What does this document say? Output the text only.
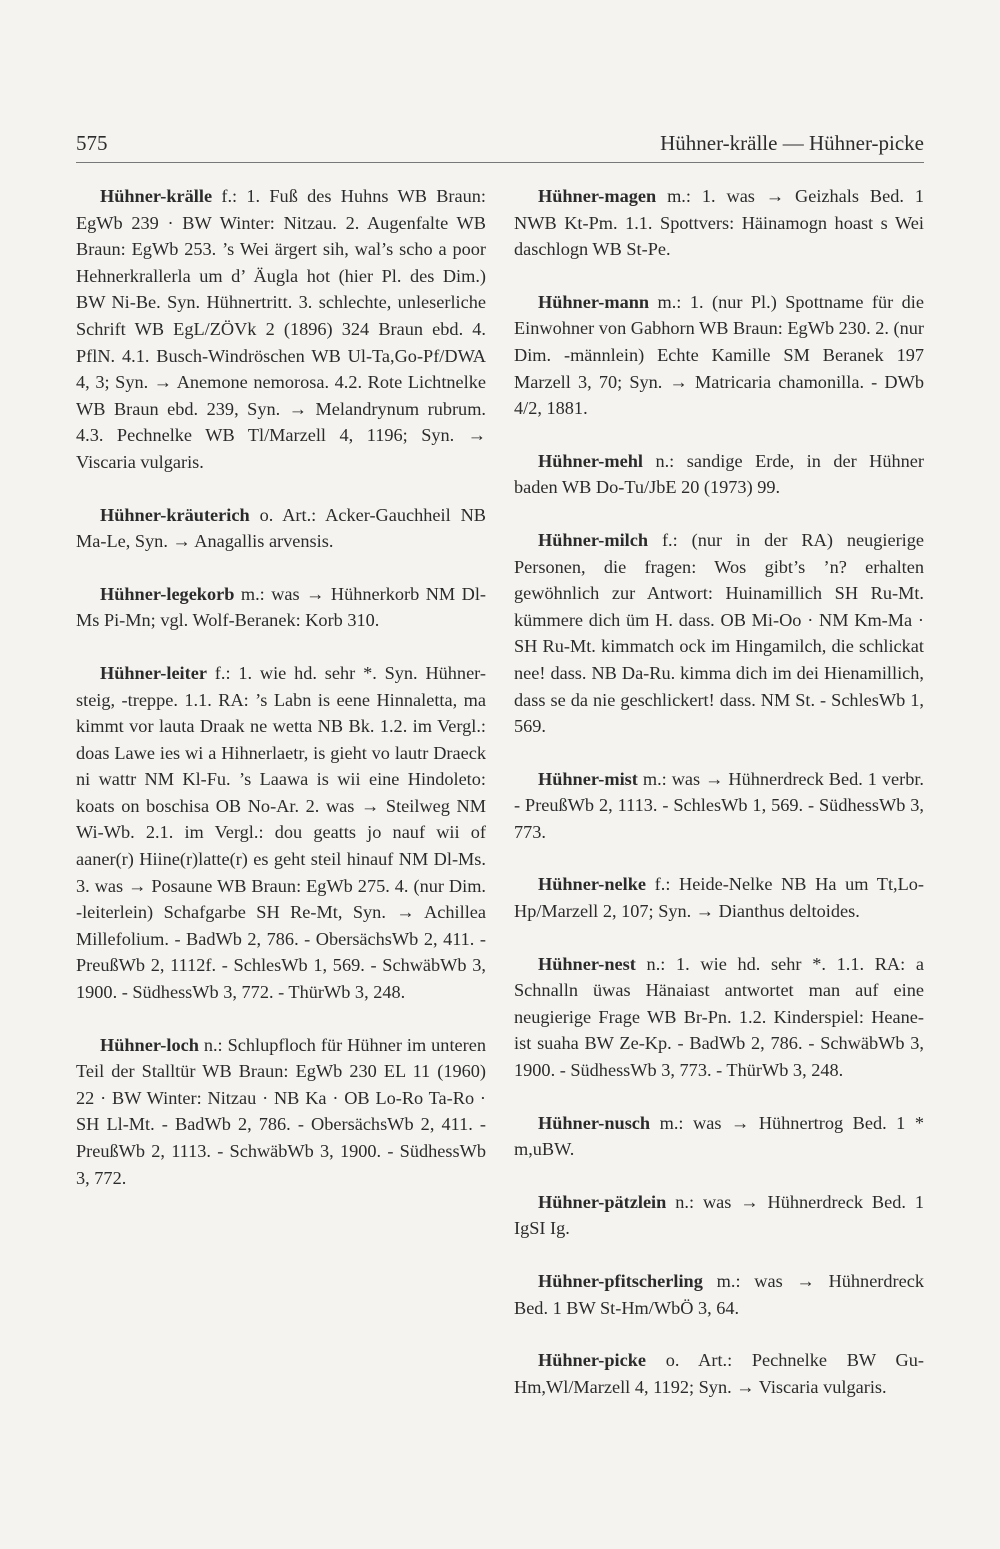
575	Hühner-krälle — Hühner-picke

Hühner-krälle f.: 1. Fuß des Huhns WB Braun: EgWb 239 · BW Winter: Nitzau. 2. Augenfalte WB Braun: EgWb 253. ’s Wei ärgert sih, wal’s scho a poor Hehnerkrallerla um d’ Äugla hot (hier Pl. des Dim.) BW Ni-Be. Syn. Hühnertritt. 3. schlechte, unleserliche Schrift WB EgL/ZÖVk 2 (1896) 324 Braun ebd. 4. PflN. 4.1. Busch-Windröschen WB Ul-Ta,Go-Pf/DWA 4, 3; Syn. → Anemone nemorosa. 4.2. Rote Lichtnelke WB Braun ebd. 239, Syn. → Melandrynum rubrum. 4.3. Pechnelke WB Tl/Marzell 4, 1196; Syn. → Viscaria vulgaris.

Hühner-kräuterich o. Art.: Acker-Gauchheil NB Ma-Le, Syn. → Anagallis arvensis.

Hühner-legekorb m.: was → Hühnerkorb NM Dl-Ms Pi-Mn; vgl. Wolf-Beranek: Korb 310.

Hühner-leiter f.: 1. wie hd. sehr *. Syn. Hühner-steig, -treppe. 1.1. RA: ’s Labn is eene Hinnaletta, ma kimmt vor lauta Draak ne wetta NB Bk. 1.2. im Vergl.: doas Lawe ies wi a Hihnerlaetr, is gieht vo lautr Draeck ni wattr NM Kl-Fu. ’s Laawa is wii eine Hindoleto: koats on boschisa OB No-Ar. 2. was → Steilweg NM Wi-Wb. 2.1. im Vergl.: dou geatts jo nauf wii of aaner(r) Hiine(r)latte(r) es geht steil hinauf NM Dl-Ms. 3. was → Posaune WB Braun: EgWb 275. 4. (nur Dim. -leiterlein) Schafgarbe SH Re-Mt, Syn. → Achillea Millefolium. - BadWb 2, 786. - ObersächsWb 2, 411. - PreußWb 2, 1112f. - SchlesWb 1, 569. - SchwäbWb 3, 1900. - SüdhessWb 3, 772. - ThürWb 3, 248.

Hühner-loch n.: Schlupfloch für Hühner im unteren Teil der Stalltür WB Braun: EgWb 230 EL 11 (1960) 22 · BW Winter: Nitzau · NB Ka · OB Lo-Ro Ta-Ro · SH Ll-Mt. - BadWb 2, 786. - ObersächsWb 2, 411. - PreußWb 2, 1113. - SchwäbWb 3, 1900. - SüdhessWb 3, 772.

Hühner-magen m.: 1. was → Geizhals Bed. 1 NWB Kt-Pm. 1.1. Spottvers: Häinamogn hoast s Wei daschlogn WB St-Pe.

Hühner-mann m.: 1. (nur Pl.) Spottname für die Einwohner von Gabhorn WB Braun: EgWb 230. 2. (nur Dim. -männlein) Echte Kamille SM Beranek 197 Marzell 3, 70; Syn. → Matricaria chamonilla. - DWb 4/2, 1881.

Hühner-mehl n.: sandige Erde, in der Hühner baden WB Do-Tu/JbE 20 (1973) 99.

Hühner-milch f.: (nur in der RA) neugierige Personen, die fragen: Wos gibt’s ’n? erhalten gewöhnlich zur Antwort: Huinamillich SH Ru-Mt. kümmere dich üm H. dass. OB Mi-Oo · NM Km-Ma · SH Ru-Mt. kimmatch ock im Hingamilch, die schlickat nee! dass. NB Da-Ru. kimma dich im dei Hienamillich, dass se da nie geschlickert! dass. NM St. - SchlesWb 1, 569.

Hühner-mist m.: was → Hühnerdreck Bed. 1 verbr. - PreußWb 2, 1113. - SchlesWb 1, 569. - SüdhessWb 3, 773.

Hühner-nelke f.: Heide-Nelke NB Ha um Tt,Lo-Hp/Marzell 2, 107; Syn. → Dianthus deltoides.

Hühner-nest n.: 1. wie hd. sehr *. 1.1. RA: a Schnalln üwas Hänaiast antwortet man auf eine neugierige Frage WB Br-Pn. 1.2. Kinderspiel: Heane-ist suaha BW Ze-Kp. - BadWb 2, 786. - SchwäbWb 3, 1900. - SüdhessWb 3, 773. - ThürWb 3, 248.

Hühner-nusch m.: was → Hühnertrog Bed. 1 * m,uBW.

Hühner-pätzlein n.: was → Hühnerdreck Bed. 1 IgSI Ig.

Hühner-pfitscherling m.: was → Hühnerdreck Bed. 1 BW St-Hm/WbÖ 3, 64.

Hühner-picke o. Art.: Pechnelke BW Gu-Hm,Wl/Marzell 4, 1192; Syn. → Viscaria vulgaris.
